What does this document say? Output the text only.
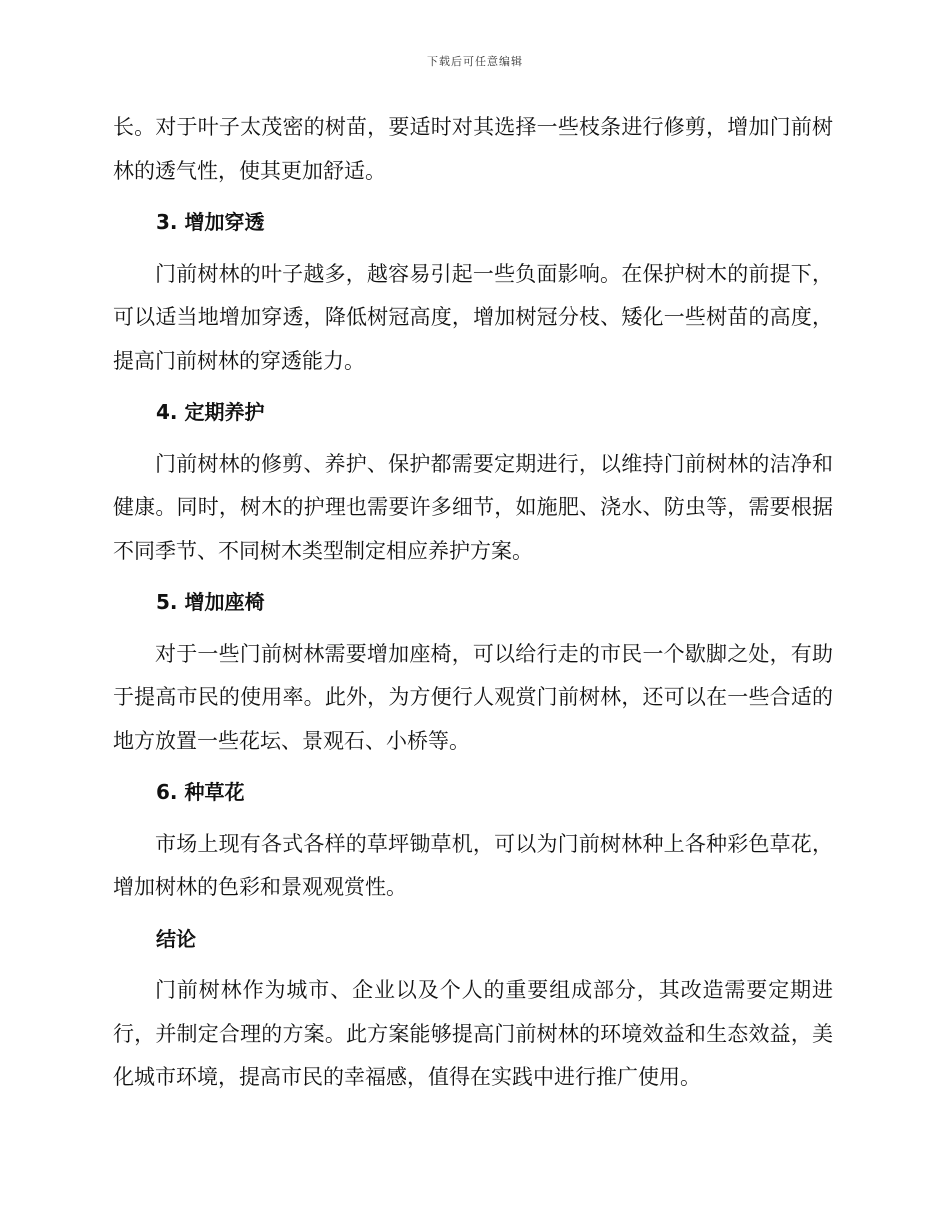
下载后可任意编辑

长。对于叶子太茂密的树苗，要适时对其选择一些枝条进行修剪，增加门前树林的透气性，使其更加舒适。

3. 增加穿透

门前树林的叶子越多，越容易引起一些负面影响。在保护树木的前提下，可以适当地增加穿透，降低树冠高度，增加树冠分枝、矮化一些树苗的高度，提高门前树林的穿透能力。

4. 定期养护

门前树林的修剪、养护、保护都需要定期进行，以维持门前树林的洁净和健康。同时，树木的护理也需要许多细节，如施肥、浇水、防虫等，需要根据不同季节、不同树木类型制定相应养护方案。

5. 增加座椅

对于一些门前树林需要增加座椅，可以给行走的市民一个歇脚之处，有助于提高市民的使用率。此外，为方便行人观赏门前树林，还可以在一些合适的地方放置一些花坛、景观石、小桥等。

6. 种草花

市场上现有各式各样的草坪锄草机，可以为门前树林种上各种彩色草花，增加树林的色彩和景观观赏性。

结论

门前树林作为城市、企业以及个人的重要组成部分，其改造需要定期进行，并制定合理的方案。此方案能够提高门前树林的环境效益和生态效益，美化城市环境，提高市民的幸福感，值得在实践中进行推广使用。
